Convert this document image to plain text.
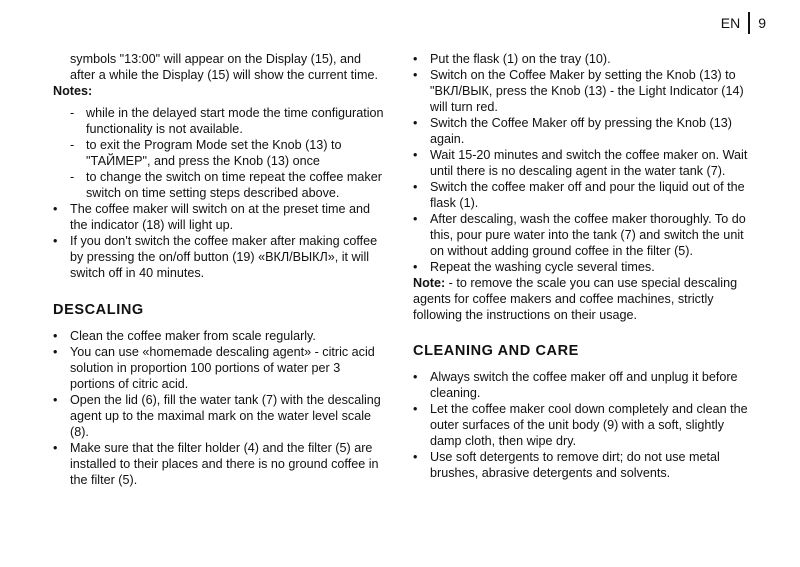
EN 9

symbols "13:00" will appear on the Display (15), and after a while the Display (15) will show the current time.

Notes:

- while in the delayed start mode the time configuration functionality is not available.
- to exit the Program Mode set the Knob (13) to "ТАЙМЕР", and press the Knob (13) once
- to change the switch on time repeat the coffee maker switch on time setting steps described above.
• The coffee maker will switch on at the preset time and the indicator (18) will light up.
• If you don't switch the coffee maker after making coffee by pressing the on/off button (19) «ВКЛ/ВЫКЛ», it will switch off in 40 minutes.
DESCALING
• Clean the coffee maker from scale regularly.
• You can use «homemade descaling agent» - citric acid solution in proportion 100 portions of water per 3 portions of citric acid.
• Open the lid (6), fill the water tank (7) with the descaling agent up to the maximal mark on the water level scale (8).
• Make sure that the filter holder (4) and the filter (5) are installed to their places and there is no ground coffee in the filter (5).
• Put the flask (1) on the tray (10).
• Switch on the Coffee Maker by setting the Knob (13) to "ВКЛ/ВЫК, press the Knob (13) - the Light Indicator (14) will turn red.
• Switch the Coffee Maker off by pressing the Knob (13) again.
• Wait 15-20 minutes and switch the coffee maker on. Wait until there is no descaling agent in the water tank (7).
• Switch the coffee maker off and pour the liquid out of the flask (1).
• After descaling, wash the coffee maker thoroughly. To do this, pour pure water into the tank (7) and switch the unit on without adding ground coffee in the filter (5).
• Repeat the washing cycle several times.

Note: - to remove the scale you can use special descaling agents for coffee makers and coffee machines, strictly following the instructions on their usage.

CLEANING AND CARE
• Always switch the coffee maker off and unplug it before cleaning.
• Let the coffee maker cool down completely and clean the outer surfaces of the unit body (9) with a soft, slightly damp cloth, then wipe dry.
• Use soft detergents to remove dirt; do not use metal brushes, abrasive detergents and solvents.
